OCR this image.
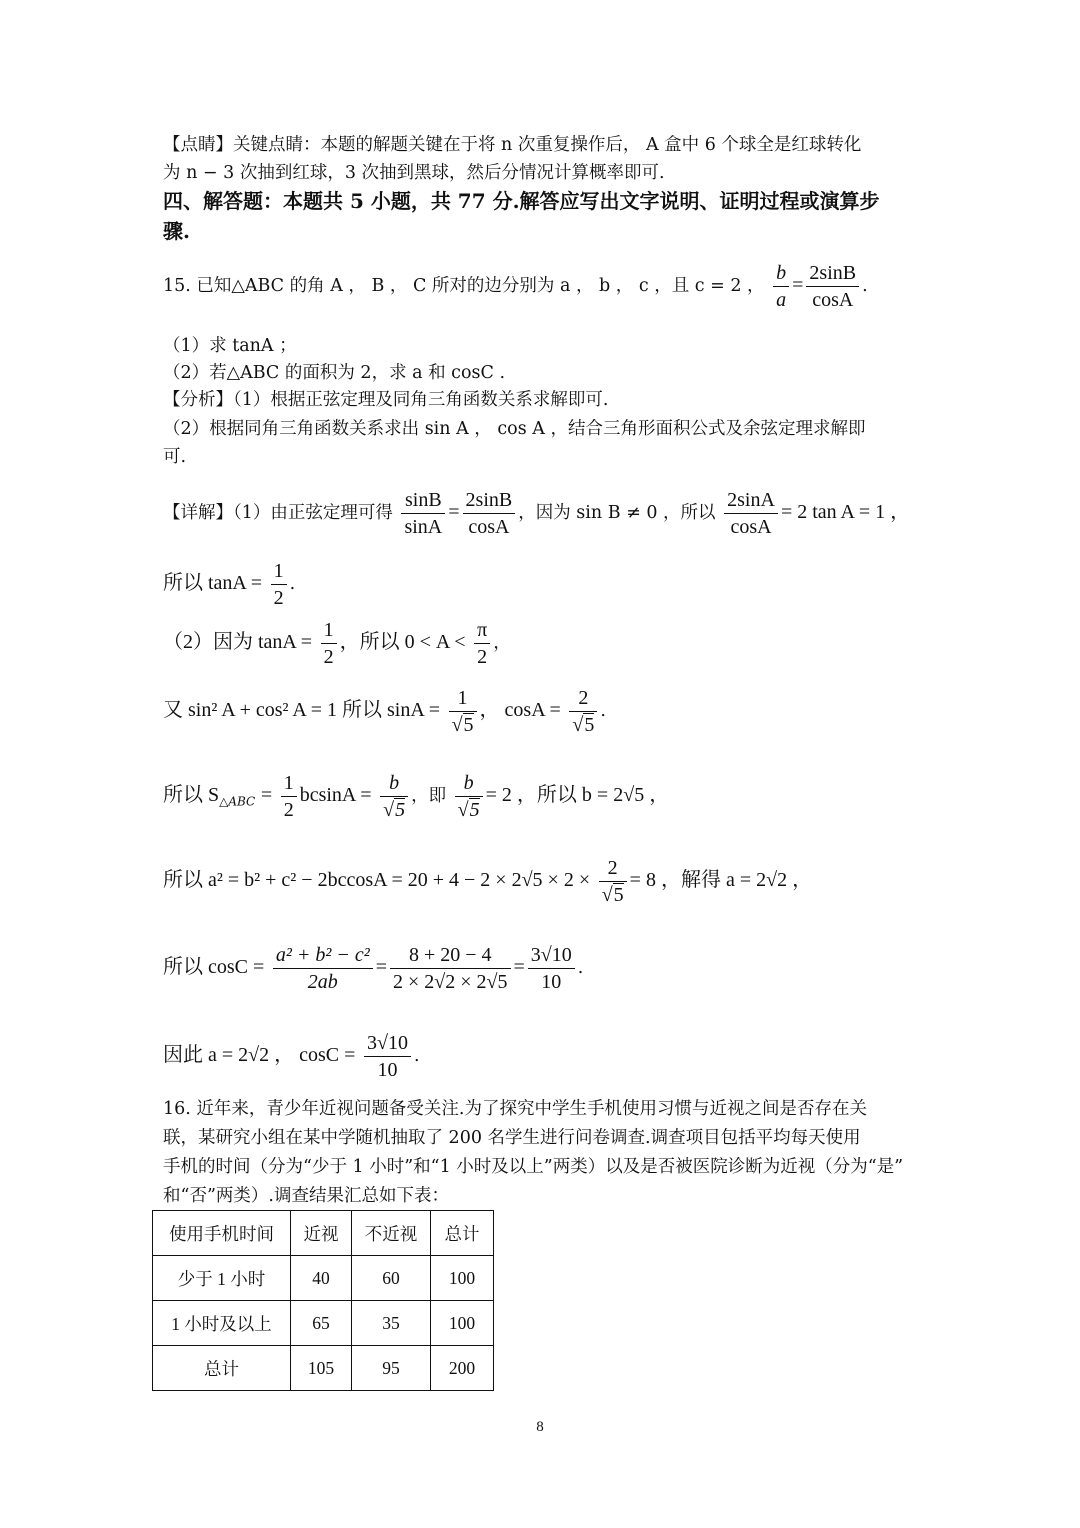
【点睛】关键点睛：本题的解题关键在于将 n 次重复操作后， A 盒中 6 个球全是红球转化
为 n − 3 次抽到红球，3 次抽到黑球，然后分情况计算概率即可.
四、解答题：本题共 5 小题，共 77 分.解答应写出文字说明、证明过程或演算步
骤.
15. 已知△ABC 的角 A ， B ， C 所对的边分别为 a ， b ， c ，且 c = 2 ， $\frac{b}{a} = \frac{2\sin B}{\cos A}$ .
（1）求 tanA ；
（2）若△ABC 的面积为 2，求 a 和 cosC .
【分析】（1）根据正弦定理及同角三角函数关系求解即可.
（2）根据同角三角函数关系求出 sin A ， cos A ，结合三角形面积公式及余弦定理求解即
可.
【详解】（1）由正弦定理可得 $\frac{\sin B}{\sin A} = \frac{2\sin B}{\cos A}$ ，因为 sin B ≠ 0 ，所以 $\frac{2\sin A}{\cos A} = 2$ tan A = 1 ，
所以 $\tan A = \frac{1}{2}$ .
（2）因为 $\tan A = \frac{1}{2}$ ，所以 $0 < A < \frac{\pi}{2}$ ，
又 sin² A + cos² A = 1 所以 $\sin A = \frac{1}{√5}$ ， $\cos A = \frac{2}{√5}$ .
所以 $S_{\triangle ABC} = \frac{1}{2}$ $bcsinA = \frac{b}{√5}$ ，即 $\frac{b}{√5} = 2$ ，所以 b = 2√5 ，
所以 $a^2 = b^2 + c^2 - 2bccosA = 20 + 4 - 2 \times 2√5 \times 2 \times \frac{2}{√5} = 8$ ，解得 a = 2√2 ，
所以 $\cos C = \frac{\text{a² + b² − c²}}{2ab} = \frac{8 + 20 - 4}{2 \times 2√2 \times 2√5} = \frac{3√10}{10}$ .
因此 a = 2√2 ， $\cos C = \frac{3√10}{10}$ .
16. 近年来，青少年近视问题备受关注.为了探究中学生手机使用习惯与近视之间是否存在关
联，某研究小组在某中学随机抽取了 200 名学生进行问卷调查.调查项目包括平均每天使用
手机的时间（分为“少于 1 小时”和“1 小时及以上”两类）以及是否被医院诊断为近视（分为“是”
和“否”两类）.调查结果汇总如下表：
使用手机时间	近视	不近视	总计
少于 1 小时	40	60	100
1 小时及以上	65	35	100
总计	105	95	200
8
